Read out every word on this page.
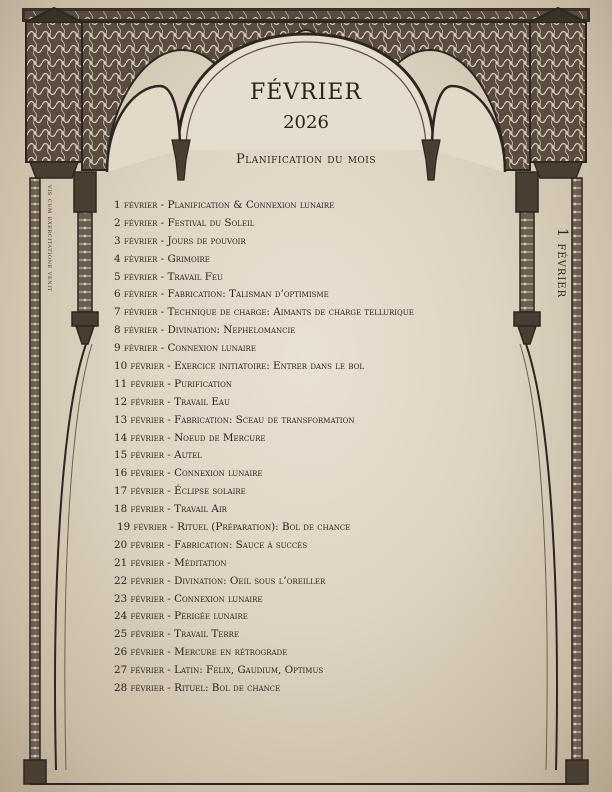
FÉVRIER
2026
Planification du mois
vis cum exercitatione venit	1 février
1 février - Planification & Connexion lunaire
2 février - Festival du Soleil
3 février - Jours de pouvoir
4 février - Grimoire
5 février - Travail Feu
6 février - Fabrication: Talisman d’optimisme
7 février - Technique de charge: Aimants de charge tellurique
8 février - Divination: Nephelomancie
9 février - Connexion lunaire
10 février - Exercice initiatoire: Entrer dans le bol
11 février - Purification
12 février - Travail Eau
13 février - Fabrication: Sceau de transformation
14 février - Noeud de Mercure
15 février - Autel
16 février - Connexion lunaire
17 février - Éclipse solaire
18 février - Travail Air
19 février - Rituel (Préparation): Bol de chance
20 février - Fabrication: Sauce à succès
21 février - Méditation
22 février - Divination: Oeil sous l’oreiller
23 février - Connexion lunaire
24 février - Périgée lunaire
25 février - Travail Terre
26 février - Mercure en rétrograde
27 février - Latin: Felix, Gaudium, Optimus
28 février - Rituel: Bol de chance
